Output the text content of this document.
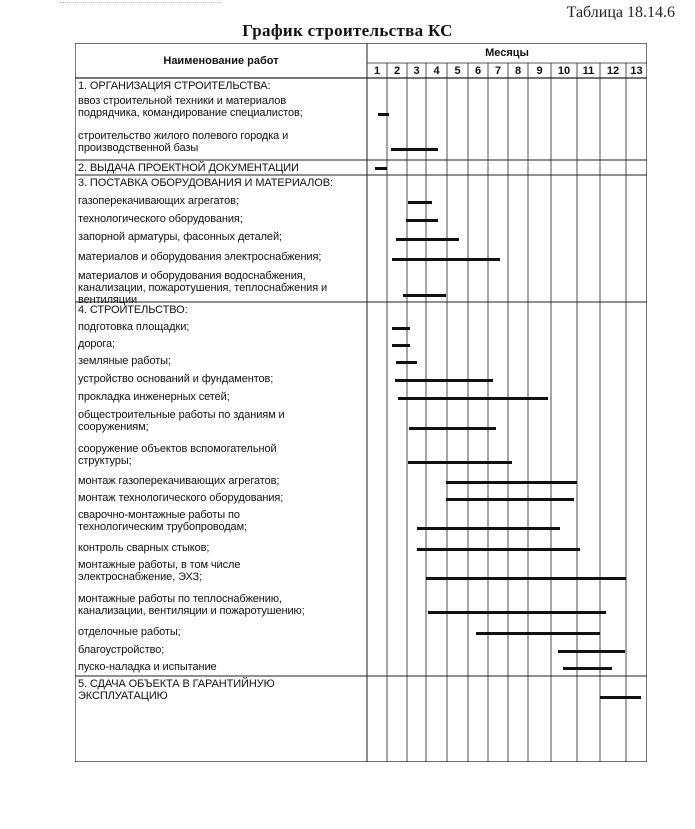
Таблица 18.14.6
График строительства КС
Наименование работ
Месяцы
1	2	3	4	5	6	7	8	9	10	11	12	13
1. ОРГАНИЗАЦИЯ СТРОИТЕЛЬСТВА:
ввоз строительной техники и материалов
подрядчика, командирование специалистов;
строительство жилого полевого городка и
производственной базы
2. ВЫДАЧА ПРОЕКТНОЙ ДОКУМЕНТАЦИИ
3. ПОСТАВКА ОБОРУДОВАНИЯ И МАТЕРИАЛОВ:
газоперекачивающих агрегатов;
технологического оборудования;
запорной арматуры, фасонных деталей;
материалов и оборудования электроснабжения;
материалов и оборудования водоснабжения,
канализации, пожаротушения, теплоснабжения и
вентиляции
4. СТРОИТЕЛЬСТВО:
подготовка площадки;
дорога;
земляные работы;
устройство оснований и фундаментов;
прокладка инженерных сетей;
общестроительные работы по зданиям и
сооружениям;
сооружение объектов вспомогательной
структуры;
монтаж газоперекачивающих агрегатов;
монтаж технологического оборудования;
сварочно-монтажные работы по
технологическим трубопроводам;
контроль сварных стыков;
монтажные работы, в том числе
электроснабжение, ЭХЗ;
монтажные работы по теплоснабжению,
канализации, вентиляции и пожаротушению;
отделочные работы;
благоустройство;
пуско-наладка и испытание
5. СДАЧА ОБЪЕКТА В ГАРАНТИЙНУЮ
ЭКСПЛУАТАЦИЮ
